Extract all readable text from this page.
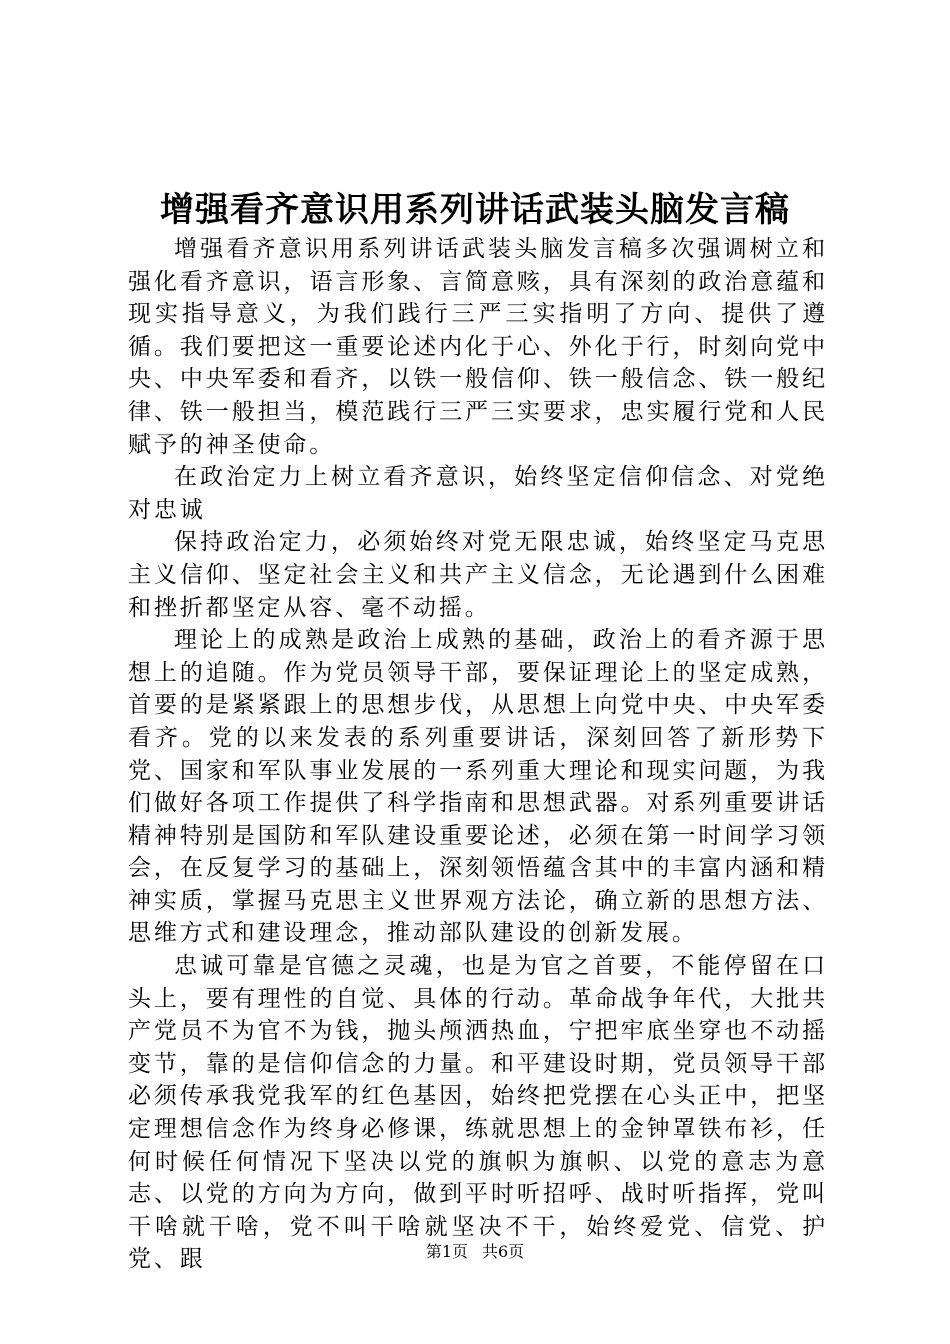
增强看齐意识用系列讲话武装头脑发言稿

增强看齐意识用系列讲话武装头脑发言稿多次强调树立和强化看齐意识，语言形象、言简意赅，具有深刻的政治意蕴和现实指导意义，为我们践行三严三实指明了方向、提供了遵循。我们要把这一重要论述内化于心、外化于行，时刻向党中央、中央军委和看齐，以铁一般信仰、铁一般信念、铁一般纪律、铁一般担当，模范践行三严三实要求，忠实履行党和人民赋予的神圣使命。

在政治定力上树立看齐意识，始终坚定信仰信念、对党绝对忠诚

保持政治定力，必须始终对党无限忠诚，始终坚定马克思主义信仰、坚定社会主义和共产主义信念，无论遇到什么困难和挫折都坚定从容、毫不动摇。

理论上的成熟是政治上成熟的基础，政治上的看齐源于思想上的追随。作为党员领导干部，要保证理论上的坚定成熟，首要的是紧紧跟上的思想步伐，从思想上向党中央、中央军委看齐。党的以来发表的系列重要讲话，深刻回答了新形势下党、国家和军队事业发展的一系列重大理论和现实问题，为我们做好各项工作提供了科学指南和思想武器。对系列重要讲话精神特别是国防和军队建设重要论述，必须在第一时间学习领会，在反复学习的基础上，深刻领悟蕴含其中的丰富内涵和精神实质，掌握马克思主义世界观方法论，确立新的思想方法、思维方式和建设理念，推动部队建设的创新发展。

忠诚可靠是官德之灵魂，也是为官之首要，不能停留在口头上，要有理性的自觉、具体的行动。革命战争年代，大批共产党员不为官不为钱，抛头颅洒热血，宁把牢底坐穿也不动摇变节，靠的是信仰信念的力量。和平建设时期，党员领导干部必须传承我党我军的红色基因，始终把党摆在心头正中，把坚定理想信念作为终身必修课，练就思想上的金钟罩铁布衫，任何时候任何情况下坚决以党的旗帜为旗帜、以党的意志为意志、以党的方向为方向，做到平时听招呼、战时听指挥，党叫干啥就干啥，党不叫干啥就坚决不干，始终爱党、信党、护党、跟	第1页 共6页
